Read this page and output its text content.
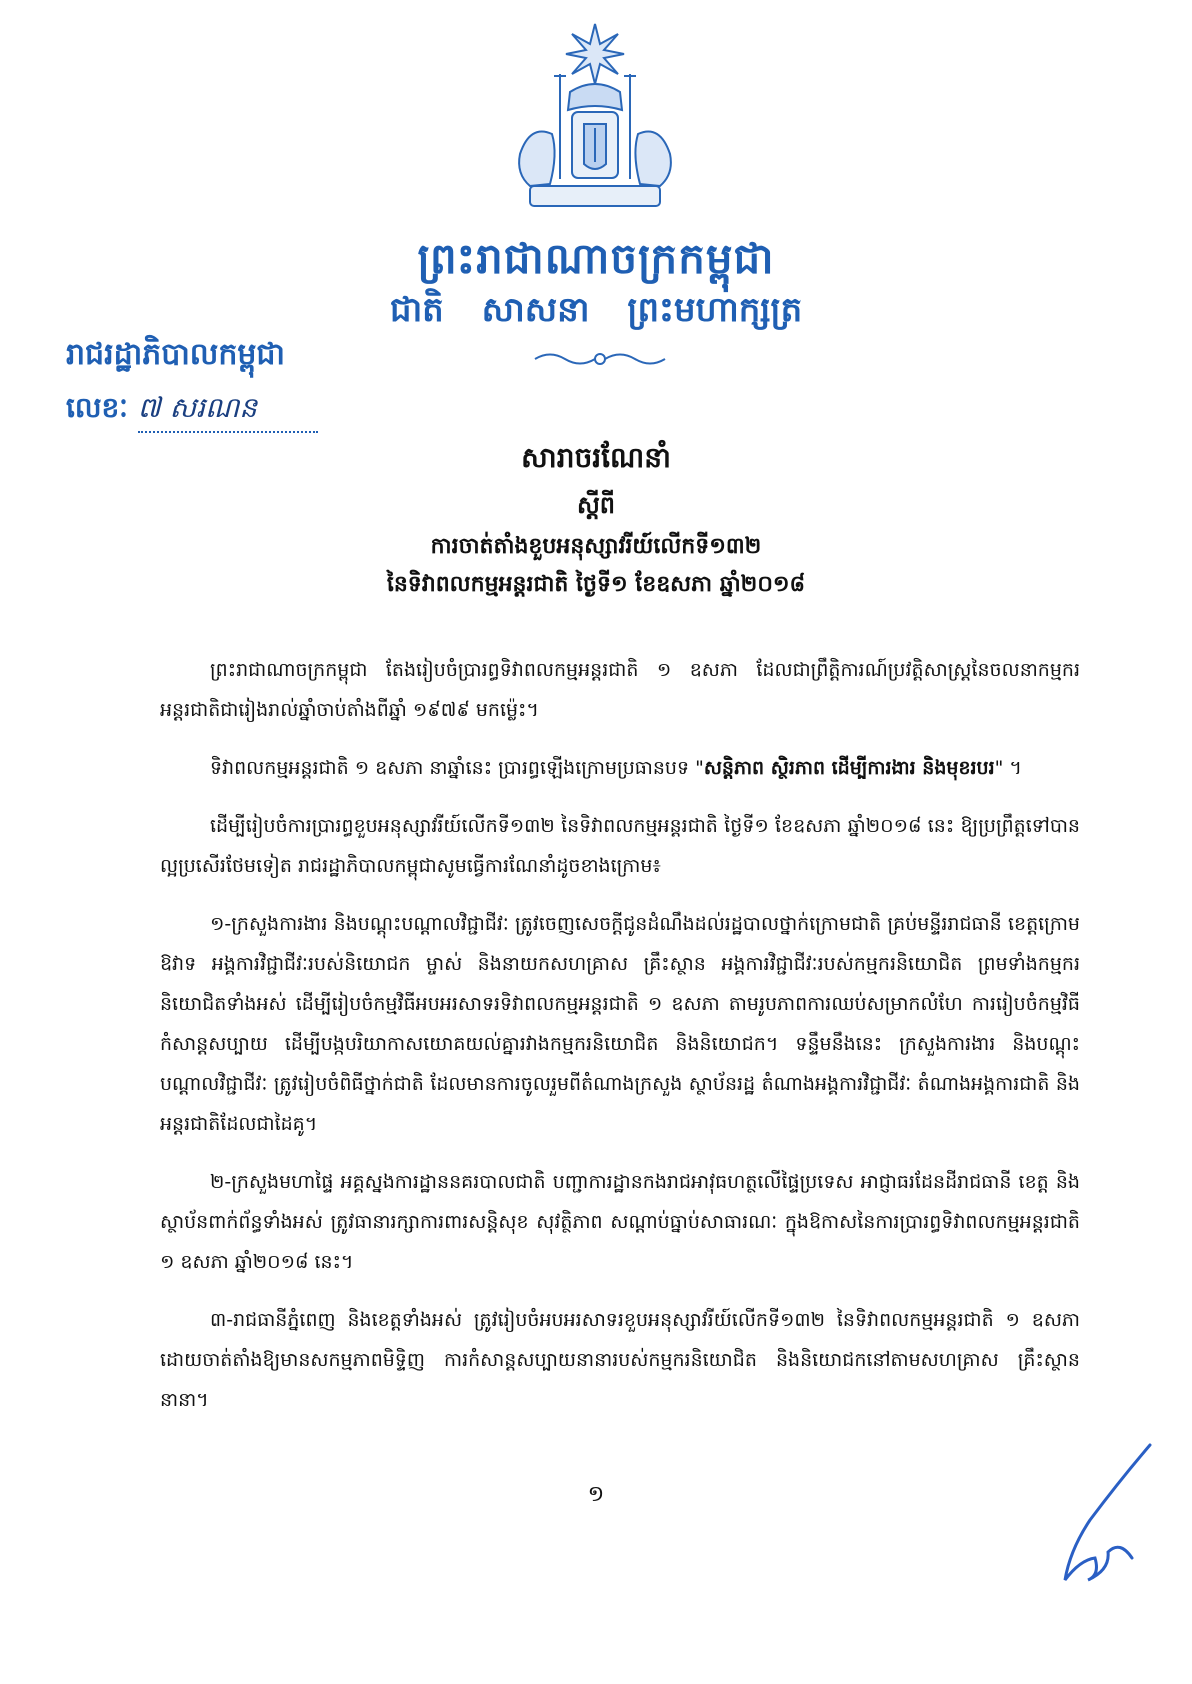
ព្រះរាជាណាចក្រកម្ពុជា
ជាតិ សាសនា ព្រះមហាក្សត្រ
រាជរដ្ឋាភិបាលកម្ពុជា
លេខៈ ៧ សរណន
សារាចរណែនាំ
ស្តីពី
ការចាត់តាំងខួបអនុស្សាវរីយ៍លើកទី១៣២
នៃទិវាពលកម្មអន្តរជាតិ ថ្ងៃទី១ ខែឧសភា ឆ្នាំ២០១៨

ព្រះរាជាណាចក្រកម្ពុជា តែងរៀបចំប្រារព្ធទិវាពលកម្មអន្តរជាតិ ១ ឧសភា ដែលជាព្រឹត្តិការណ៍ប្រវត្តិសាស្ត្រនៃចលនាកម្មករអន្តរជាតិជារៀងរាល់ឆ្នាំចាប់តាំងពីឆ្នាំ ១៩៧៩ មកម្ល៉េះ។

ទិវាពលកម្មអន្តរជាតិ ១ ឧសភា នាឆ្នាំនេះ ប្រារព្ធឡើងក្រោមប្រធានបទ "សន្តិភាព ស្ថិរភាព ដើម្បីការងារ និងមុខរបរ" ។

ដើម្បីរៀបចំការប្រារព្ធខួបអនុស្សាវរីយ៍លើកទី១៣២ នៃទិវាពលកម្មអន្តរជាតិ ថ្ងៃទី១ ខែឧសភា ឆ្នាំ២០១៨ នេះ ឱ្យប្រព្រឹត្តទៅបានល្អប្រសើរថែមទៀត រាជរដ្ឋាភិបាលកម្ពុជាសូមធ្វើការណែនាំដូចខាងក្រោម៖

១-ក្រសួងការងារ និងបណ្តុះបណ្តាលវិជ្ជាជីវៈ ត្រូវចេញសេចក្តីជូនដំណឹងដល់រដ្ឋបាលថ្នាក់ក្រោមជាតិ គ្រប់មន្ទីររាជធានី ខេត្តក្រោមឱវាទ អង្គការវិជ្ជាជីវៈរបស់និយោជក ម្ចាស់ និងនាយកសហគ្រាស គ្រឹះស្ថាន អង្គការវិជ្ជាជីវៈរបស់កម្មករនិយោជិត ព្រមទាំងកម្មករនិយោជិតទាំងអស់ ដើម្បីរៀបចំកម្មវិធីអបអរសាទរទិវាពលកម្មអន្តរជាតិ ១ ឧសភា តាមរូបភាពការឈប់សម្រាកលំហែ ការរៀបចំកម្មវិធីកំសាន្តសប្បាយ ដើម្បីបង្កបរិយាកាសយោគយល់គ្នារវាងកម្មករនិយោជិត និងនិយោជក។ ទន្ទឹមនឹងនេះ ក្រសួងការងារ និងបណ្តុះបណ្តាលវិជ្ជាជីវៈ ត្រូវរៀបចំពិធីថ្នាក់ជាតិ ដែលមានការចូលរួមពីតំណាងក្រសួង ស្ថាប័នរដ្ឋ តំណាងអង្គការវិជ្ជាជីវៈ តំណាងអង្គការជាតិ និងអន្តរជាតិដែលជាដៃគូ។

២-ក្រសួងមហាផ្ទៃ អគ្គស្នងការដ្ឋាននគរបាលជាតិ បញ្ជាការដ្ឋានកងរាជអាវុធហត្ថលើផ្ទៃប្រទេស អាជ្ញាធរដែនដីរាជធានី ខេត្ត និងស្ថាប័នពាក់ព័ន្ធទាំងអស់ ត្រូវធានារក្សាការពារសន្តិសុខ សុវត្ថិភាព សណ្តាប់ធ្នាប់សាធារណៈ ក្នុងឱកាសនៃការប្រារព្ធទិវាពលកម្មអន្តរជាតិ ១ ឧសភា ឆ្នាំ២០១៨ នេះ។

៣-រាជធានីភ្នំពេញ និងខេត្តទាំងអស់ ត្រូវរៀបចំអបអរសាទរខួបអនុស្សាវរីយ៍លើកទី១៣២ នៃទិវាពលកម្មអន្តរជាតិ ១ ឧសភា ដោយចាត់តាំងឱ្យមានសកម្មភាពមិទ្ទិញ ការកំសាន្តសប្បាយនានារបស់កម្មករនិយោជិត និងនិយោជកនៅតាមសហគ្រាស គ្រឹះស្ថាននានា។

១
